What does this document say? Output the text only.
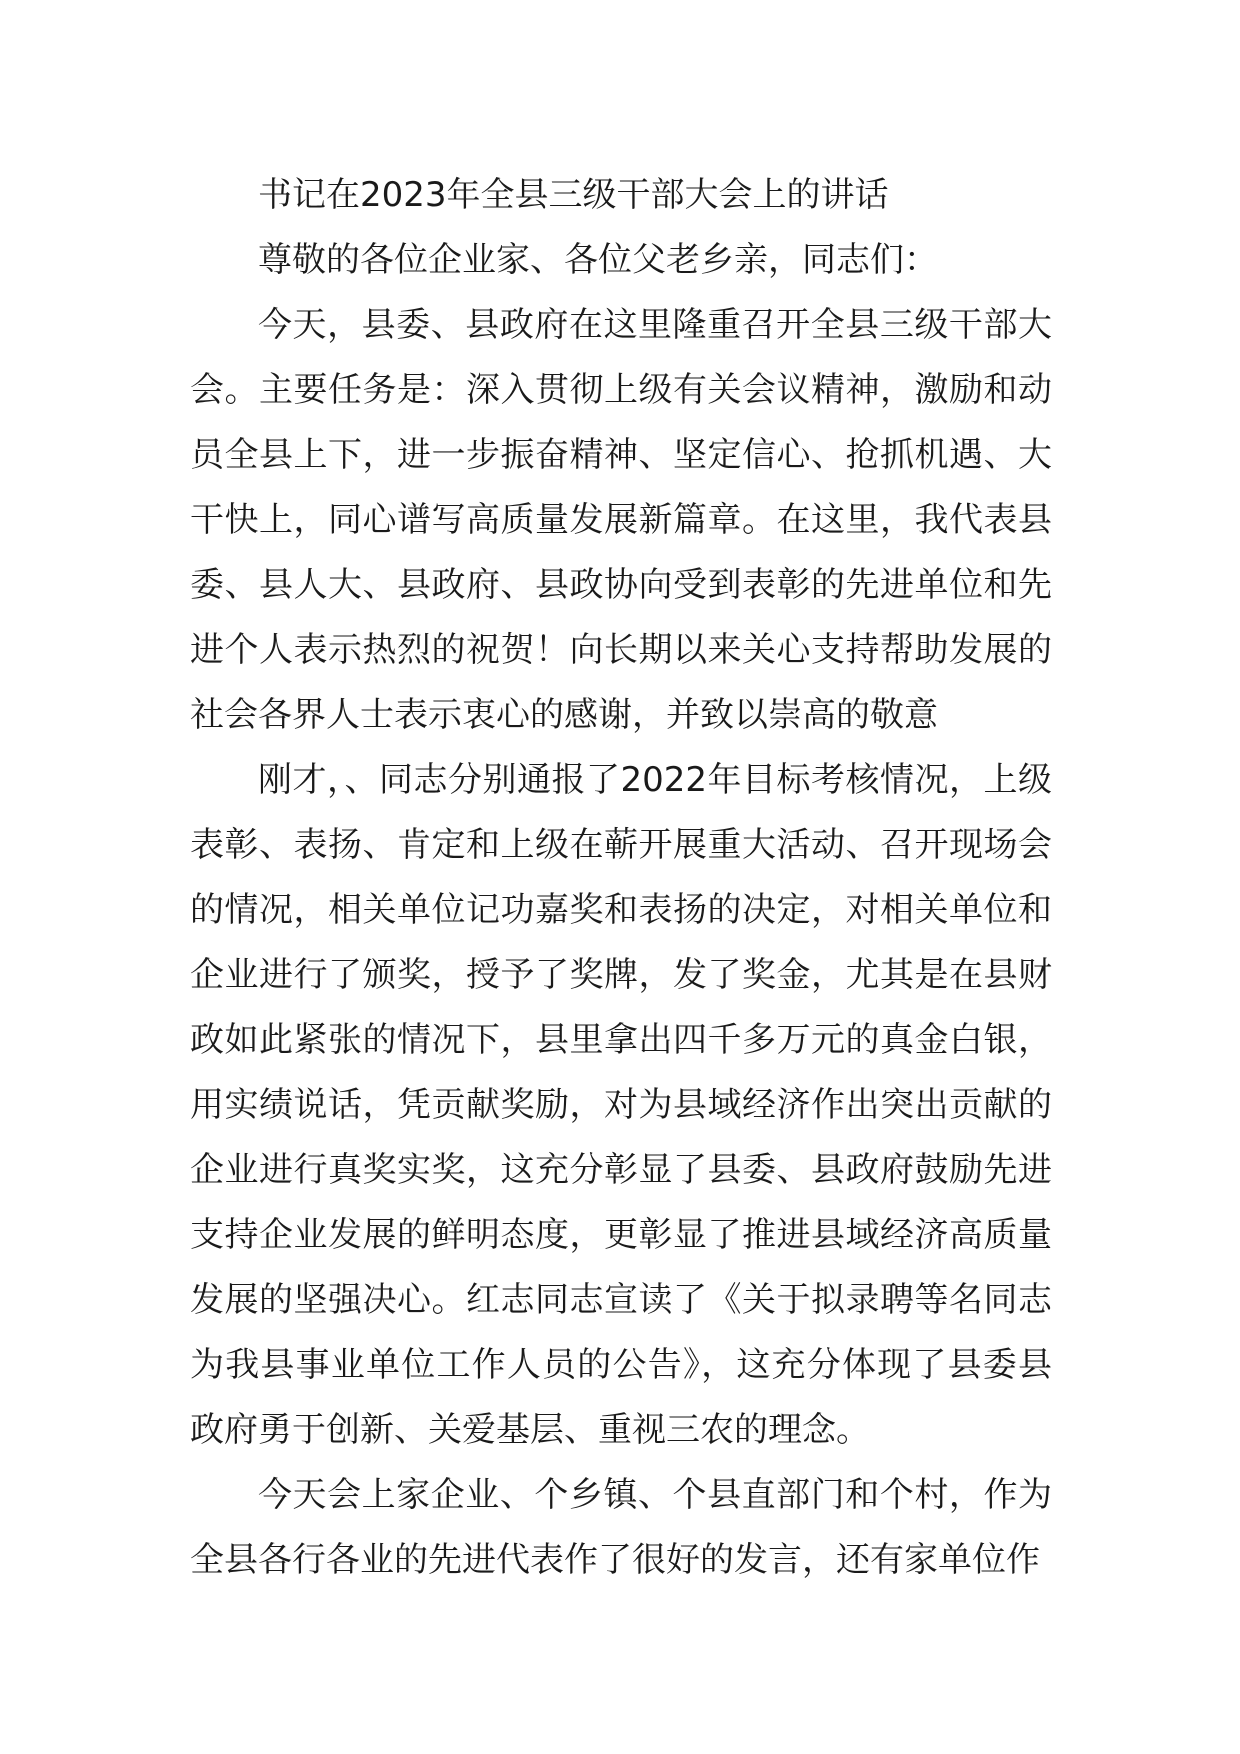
书记在2023年全县三级干部大会上的讲话

尊敬的各位企业家、各位父老乡亲，同志们：

今天，县委、县政府在这里隆重召开全县三级干部大会。主要任务是：深入贯彻上级有关会议精神，激励和动员全县上下，进一步振奋精神、坚定信心、抢抓机遇、大干快上，同心谱写高质量发展新篇章。在这里，我代表县委、县人大、县政府、县政协向受到表彰的先进单位和先进个人表示热烈的祝贺！向长期以来关心支持帮助发展的社会各界人士表示衷心的感谢，并致以崇高的敬意

刚才，、同志分别通报了2022年目标考核情况，上级表彰、表扬、肯定和上级在蕲开展重大活动、召开现场会的情况，相关单位记功嘉奖和表扬的决定，对相关单位和企业进行了颁奖，授予了奖牌，发了奖金，尤其是在县财政如此紧张的情况下，县里拿出四千多万元的真金白银，用实绩说话，凭贡献奖励，对为县域经济作出突出贡献的企业进行真奖实奖，这充分彰显了县委、县政府鼓励先进支持企业发展的鲜明态度，更彰显了推进县域经济高质量发展的坚强决心。红志同志宣读了《关于拟录聘等名同志为我县事业单位工作人员的公告》，这充分体现了县委县政府勇于创新、关爱基层、重视三农的理念。

今天会上家企业、个乡镇、个县直部门和个村，作为全县各行各业的先进代表作了很好的发言，还有家单位作
